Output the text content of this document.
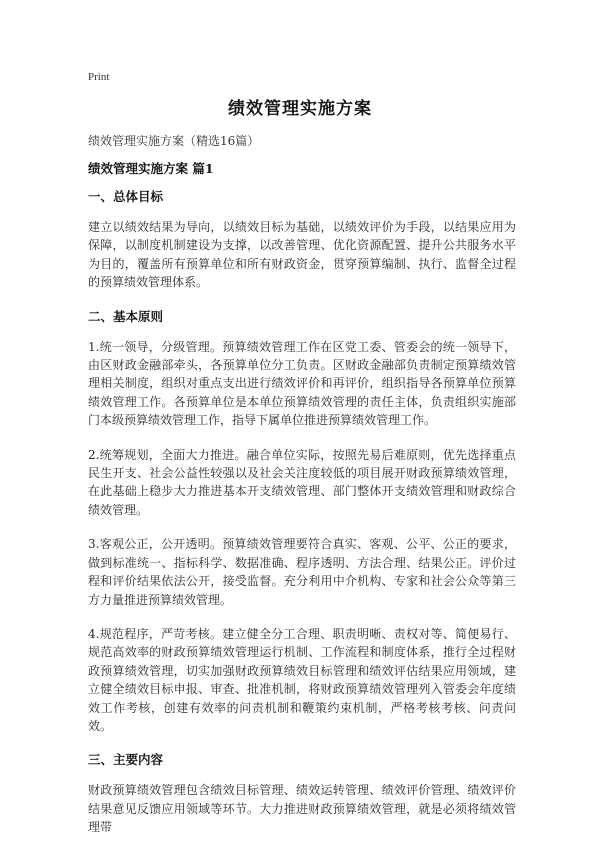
Print
绩效管理实施方案
绩效管理实施方案（精选16篇）
绩效管理实施方案 篇1
一、总体目标

建立以绩效结果为导向，以绩效目标为基础，以绩效评价为手段，以结果应用为保障，以制度机制建设为支撑，以改善管理、优化资源配置、提升公共服务水平为目的，覆盖所有预算单位和所有财政资金，贯穿预算编制、执行、监督全过程的预算绩效管理体系。

二、基本原则

1.统一领导，分级管理。预算绩效管理工作在区党工委、管委会的统一领导下，由区财政金融部牵头，各预算单位分工负责。区财政金融部负责制定预算绩效管理相关制度，组织对重点支出进行绩效评价和再评价，组织指导各预算单位预算绩效管理工作。各预算单位是本单位预算绩效管理的责任主体，负责组织实施部门本级预算绩效管理工作，指导下属单位推进预算绩效管理工作。

2.统筹规划，全面大力推进。融合单位实际，按照先易后难原则，优先选择重点民生开支、社会公益性较强以及社会关注度较低的项目展开财政预算绩效管理，在此基础上稳步大力推进基本开支绩效管理、部门整体开支绩效管理和财政综合绩效管理。

3.客观公正，公开透明。预算绩效管理要符合真实、客观、公平、公正的要求，做到标准统一、指标科学、数据准确、程序透明、方法合理、结果公正。评价过程和评价结果依法公开，接受监督。充分利用中介机构、专家和社会公众等第三方力量推进预算绩效管理。

4.规范程序，严苛考核。建立健全分工合理、职责明晰、责权对等、简便易行、规范高效率的财政预算绩效管理运行机制、工作流程和制度体系，推行全过程财政预算绩效管理，切实加强财政预算绩效目标管理和绩效评估结果应用领域，建立健全绩效目标申报、审查、批准机制，将财政预算绩效管理列入管委会年度绩效工作考核，创建有效率的问责机制和鞭策约束机制，严格考核考核、问责问效。

三、主要内容

财政预算绩效管理包含绩效目标管理、绩效运转管理、绩效评价管理、绩效评价结果意见反馈应用领域等环节。大力推进财政预算绩效管理，就是必须将绩效管理带
